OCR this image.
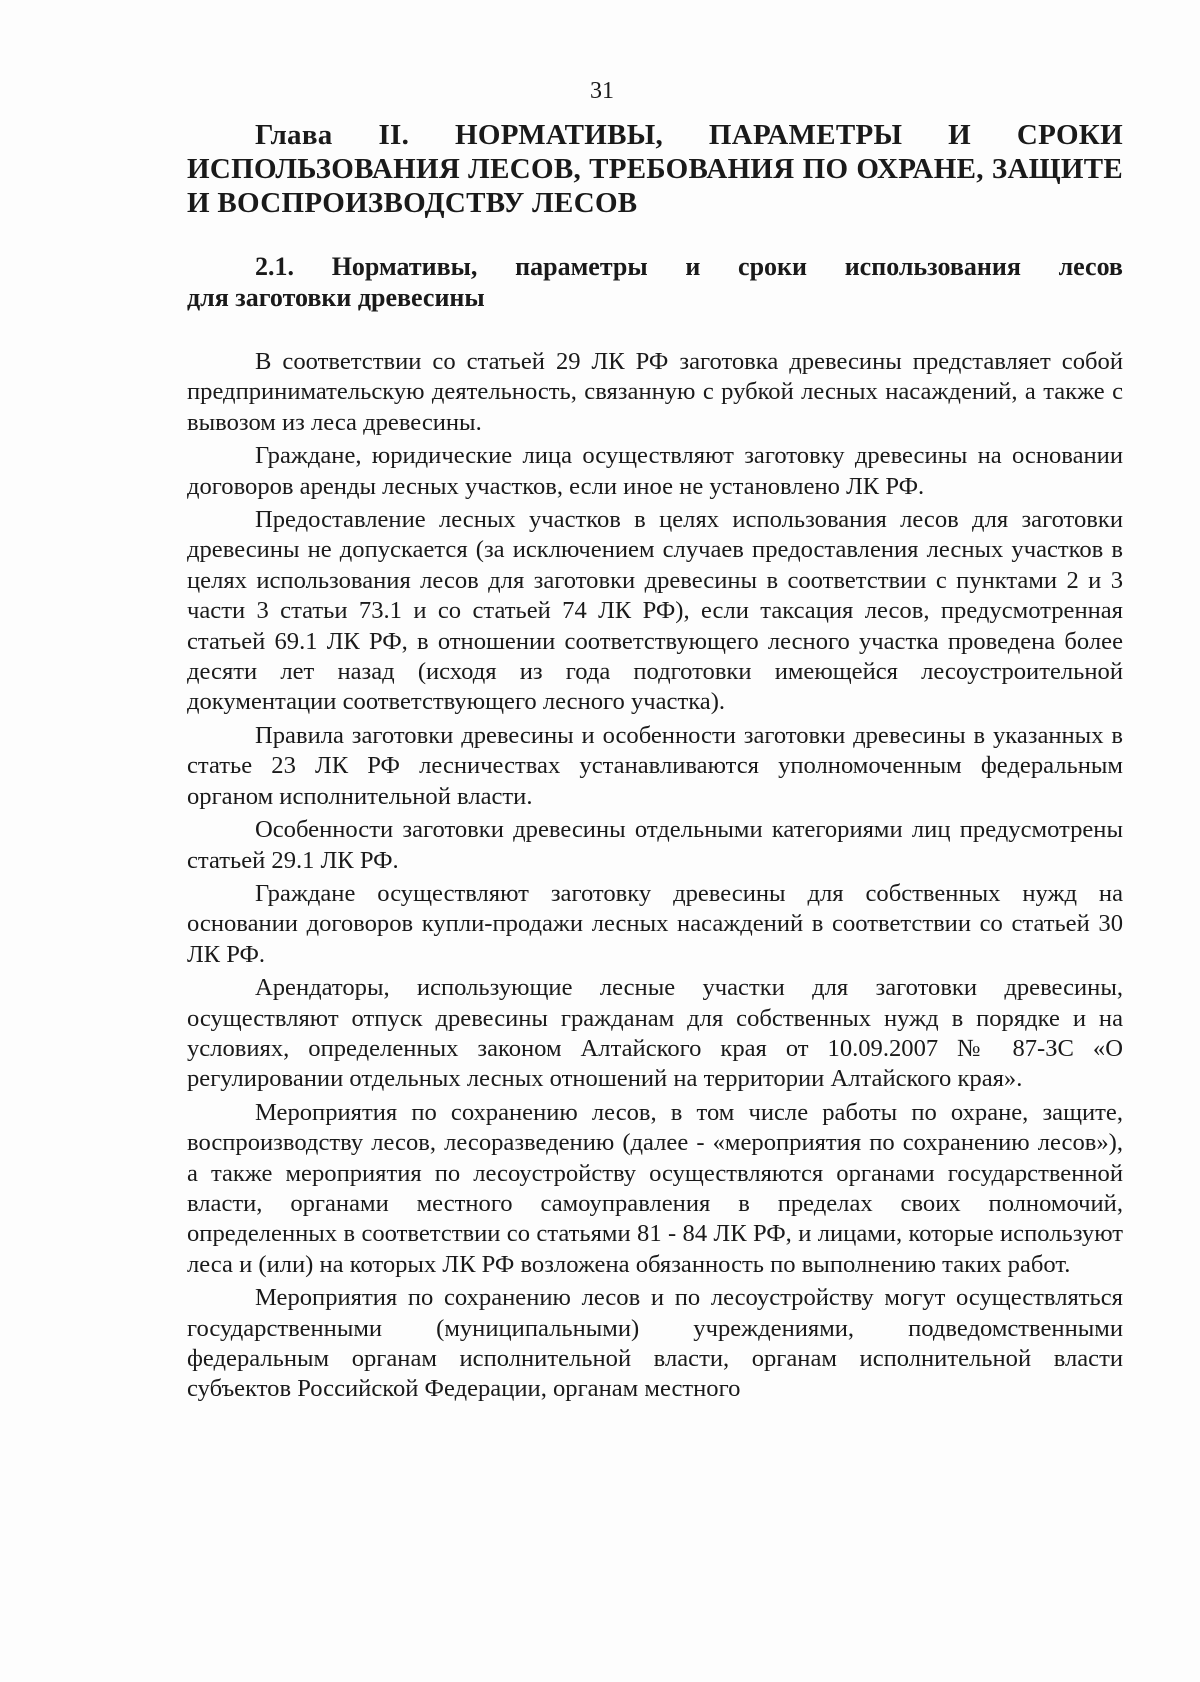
31
Глава II. НОРМАТИВЫ, ПАРАМЕТРЫ И СРОКИ
ИСПОЛЬЗОВАНИЯ ЛЕСОВ, ТРЕБОВАНИЯ ПО ОХРАНЕ, ЗАЩИТЕ И ВОСПРОИЗВОДСТВУ ЛЕСОВ
2.1. Нормативы, параметры и сроки использования лесов
для заготовки древесины

В соответствии со статьей 29 ЛК РФ заготовка древесины представляет собой предпринимательскую деятельность, связанную с рубкой лесных насаждений, а также с вывозом из леса древесины.

Граждане, юридические лица осуществляют заготовку древесины на основании договоров аренды лесных участков, если иное не установлено ЛК РФ.

Предоставление лесных участков в целях использования лесов для заготовки древесины не допускается (за исключением случаев предоставления лесных участков в целях использования лесов для заготовки древесины в соответствии с пунктами 2 и 3 части 3 статьи 73.1 и со статьей 74 ЛК РФ), если таксация лесов, предусмотренная статьей 69.1 ЛК РФ, в отношении соответствующего лесного участка проведена более десяти лет назад (исходя из года подготовки имеющейся лесоустроительной документации соответствующего лесного участка).

Правила заготовки древесины и особенности заготовки древесины в указанных в статье 23 ЛК РФ лесничествах устанавливаются уполномоченным федеральным органом исполнительной власти.

Особенности заготовки древесины отдельными категориями лиц предусмотрены статьей 29.1 ЛК РФ.

Граждане осуществляют заготовку древесины для собственных нужд на основании договоров купли-продажи лесных насаждений в соответствии со статьей 30 ЛК РФ.

Арендаторы, использующие лесные участки для заготовки древесины, осуществляют отпуск древесины гражданам для собственных нужд в порядке и на условиях, определенных законом Алтайского края от 10.09.2007 № 87-ЗС «О регулировании отдельных лесных отношений на территории Алтайского края».

Мероприятия по сохранению лесов, в том числе работы по охране, защите, воспроизводству лесов, лесоразведению (далее - «мероприятия по сохранению лесов»), а также мероприятия по лесоустройству осуществляются органами государственной власти, органами местного самоуправления в пределах своих полномочий, определенных в соответствии со статьями 81 - 84 ЛК РФ, и лицами, которые используют леса и (или) на которых ЛК РФ возложена обязанность по выполнению таких работ.

Мероприятия по сохранению лесов и по лесоустройству могут осуществляться государственными (муниципальными) учреждениями, подведомственными федеральным органам исполнительной власти, органам исполнительной власти субъектов Российской Федерации, органам местного
